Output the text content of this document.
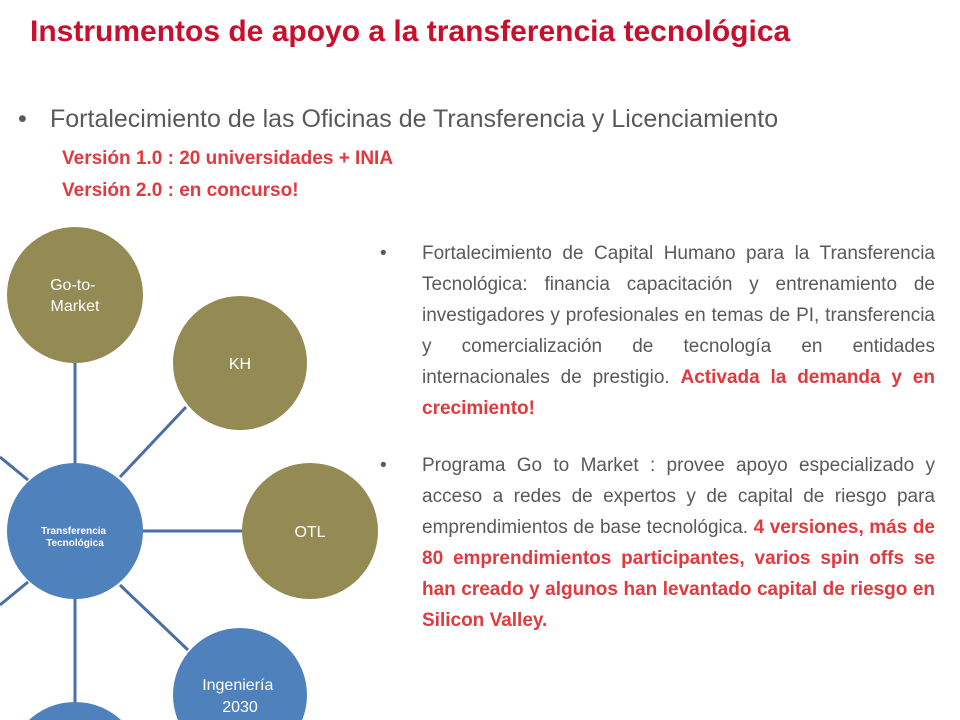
Instrumentos de apoyo a la transferencia tecnológica
• Fortalecimiento de las Oficinas de Transferencia y Licenciamiento
Versión 1.0 : 20 universidades + INIA
Versión 2.0 : en concurso!
Go-to- Market
KH
OTL
Ingeniería 2030
Transferencia Tecnológica
•	Fortalecimiento de Capital Humano para la Transferencia Tecnológica: financia capacitación y entrenamiento de investigadores y profesionales en temas de PI, transferencia y comercialización de tecnología en entidades internacionales de prestigio. Activada la demanda y en crecimiento!
•	Programa Go to Market : provee apoyo especializado y acceso a redes de expertos y de capital de riesgo para emprendimientos de base tecnológica. 4 versiones, más de 80 emprendimientos participantes, varios spin offs se han creado y algunos han levantado capital de riesgo en Silicon Valley.
